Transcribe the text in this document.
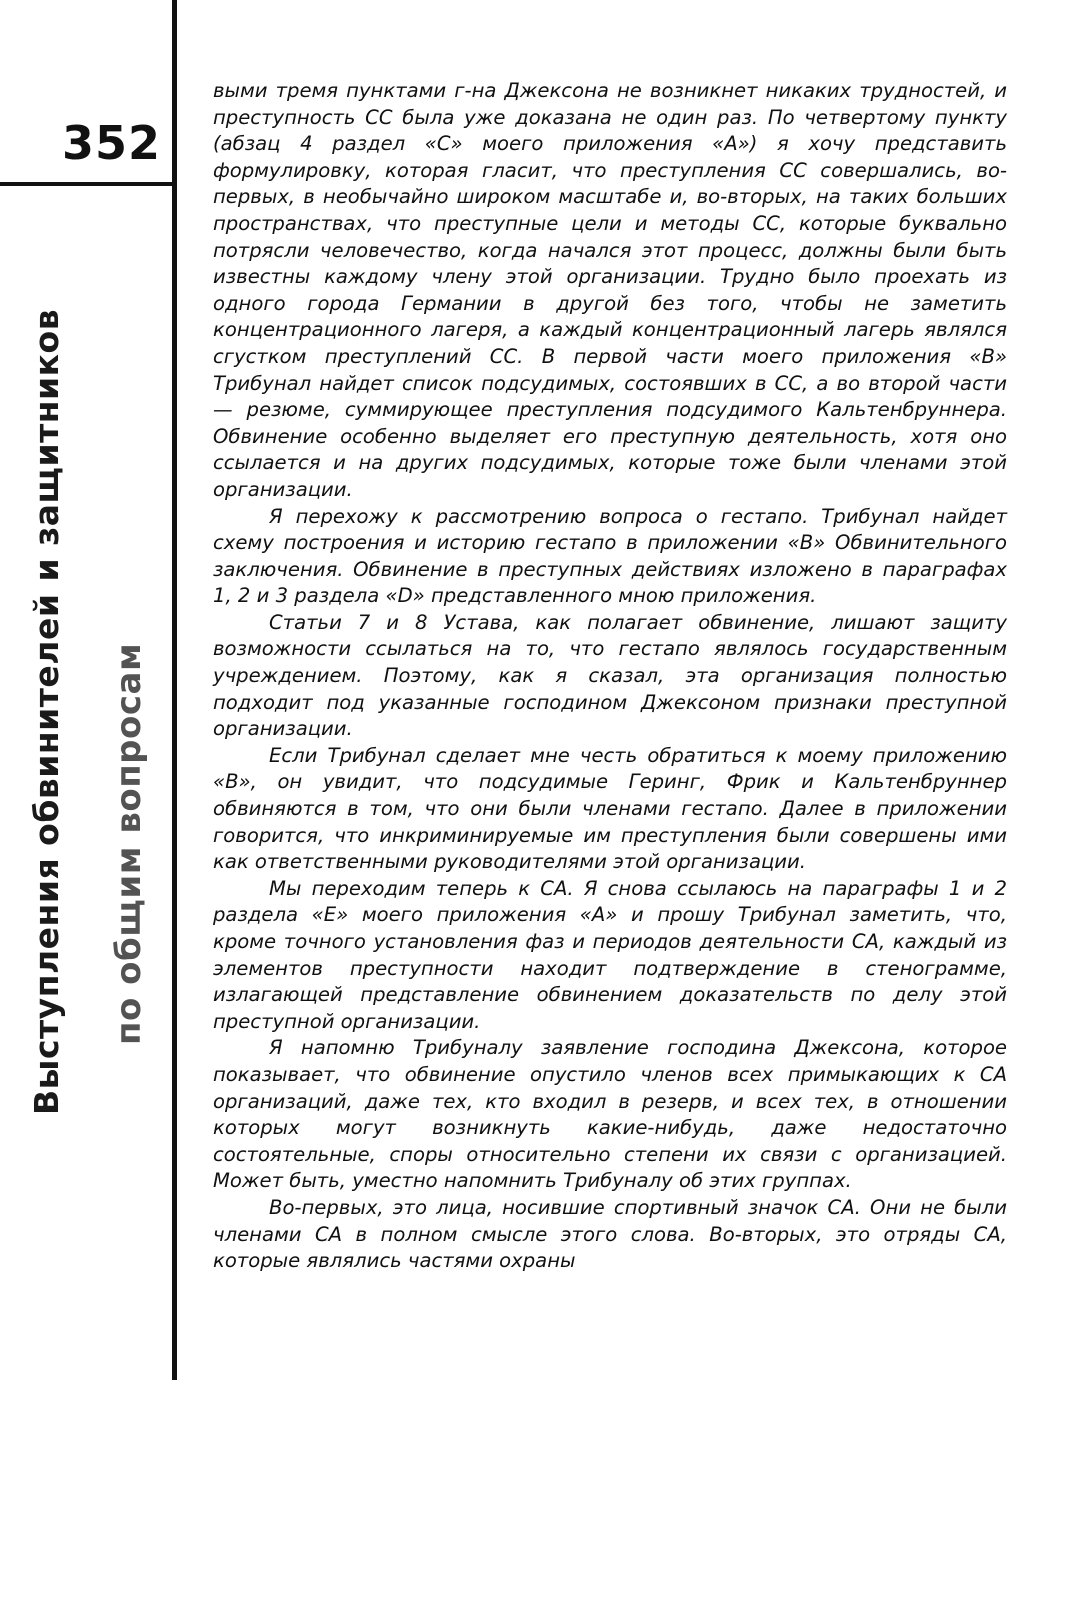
352
Выступления обвинителей и защитников по общим вопросам

выми тремя пунктами г-на Джексона не возникнет никаких трудностей, и преступность СС была уже доказана не один раз. По четвертому пункту (абзац 4 раздел «С» моего приложения «А») я хочу представить формулировку, которая гласит, что преступления СС совершались, во-первых, в необычайно широком масштабе и, во-вторых, на таких больших пространствах, что преступные цели и методы СС, которые буквально потрясли человечество, когда начался этот процесс, должны были быть известны каждому члену этой организации. Трудно было проехать из одного города Германии в другой без того, чтобы не заметить концентрационного лагеря, а каждый концентрационный лагерь являлся сгустком преступлений СС. В первой части моего приложения «В» Трибунал найдет список подсудимых, состоявших в СС, а во второй части — резюме, суммирующее преступления подсудимого Кальтенбруннера. Обвинение особенно выделяет его преступную деятельность, хотя оно ссылается и на других подсудимых, которые тоже были членами этой организации.

Я перехожу к рассмотрению вопроса о гестапо. Трибунал найдет схему построения и историю гестапо в приложении «В» Обвинительного заключения. Обвинение в преступных действиях изложено в параграфах 1, 2 и 3 раздела «D» представленного мною приложения.

Статьи 7 и 8 Устава, как полагает обвинение, лишают защиту возможности ссылаться на то, что гестапо являлось государственным учреждением. Поэтому, как я сказал, эта организация полностью подходит под указанные господином Джексоном признаки преступной организации.

Если Трибунал сделает мне честь обратиться к моему приложению «В», он увидит, что подсудимые Геринг, Фрик и Кальтенбруннер обвиняются в том, что они были членами гестапо. Далее в приложении говорится, что инкриминируемые им преступления были совершены ими как ответственными руководителями этой организации.

Мы переходим теперь к СА. Я снова ссылаюсь на параграфы 1 и 2 раздела «Е» моего приложения «А» и прошу Трибунал заметить, что, кроме точного установления фаз и периодов деятельности СА, каждый из элементов преступности находит подтверждение в стенограмме, излагающей представление обвинением доказательств по делу этой преступной организации.

Я напомню Трибуналу заявление господина Джексона, которое показывает, что обвинение опустило членов всех примыкающих к СА организаций, даже тех, кто входил в резерв, и всех тех, в отношении которых могут возникнуть какие-нибудь, даже недостаточно состоятельные, споры относительно степени их связи с организацией. Может быть, уместно напомнить Трибуналу об этих группах.

Во-первых, это лица, носившие спортивный значок СА. Они не были членами СА в полном смысле этого слова. Во-вторых, это отряды СА, которые являлись частями охраны
